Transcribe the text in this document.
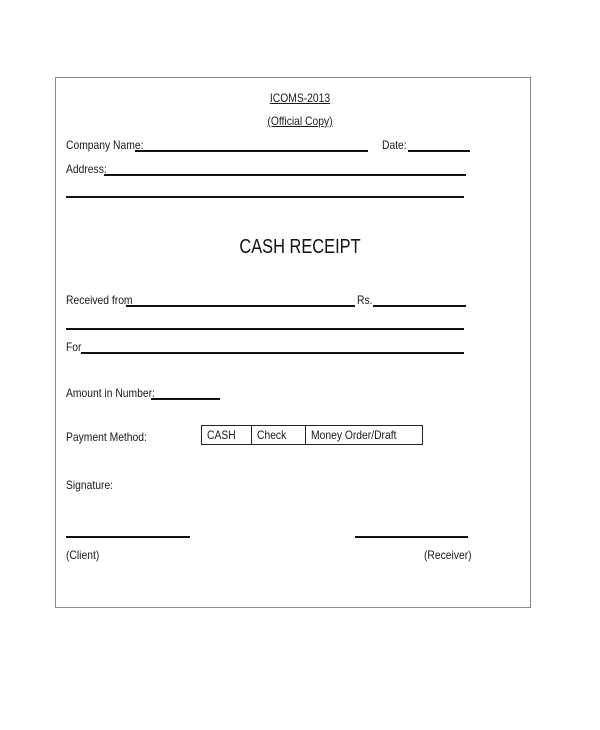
ICOMS-2013
(Official Copy)
Company Name:	Date:
Address:
CASH RECEIPT
Received from	Rs.
For
Amount in Number:
Payment Method:	CASH	Check	Money Order/Draft
Signature:
(Client)	(Receiver)
